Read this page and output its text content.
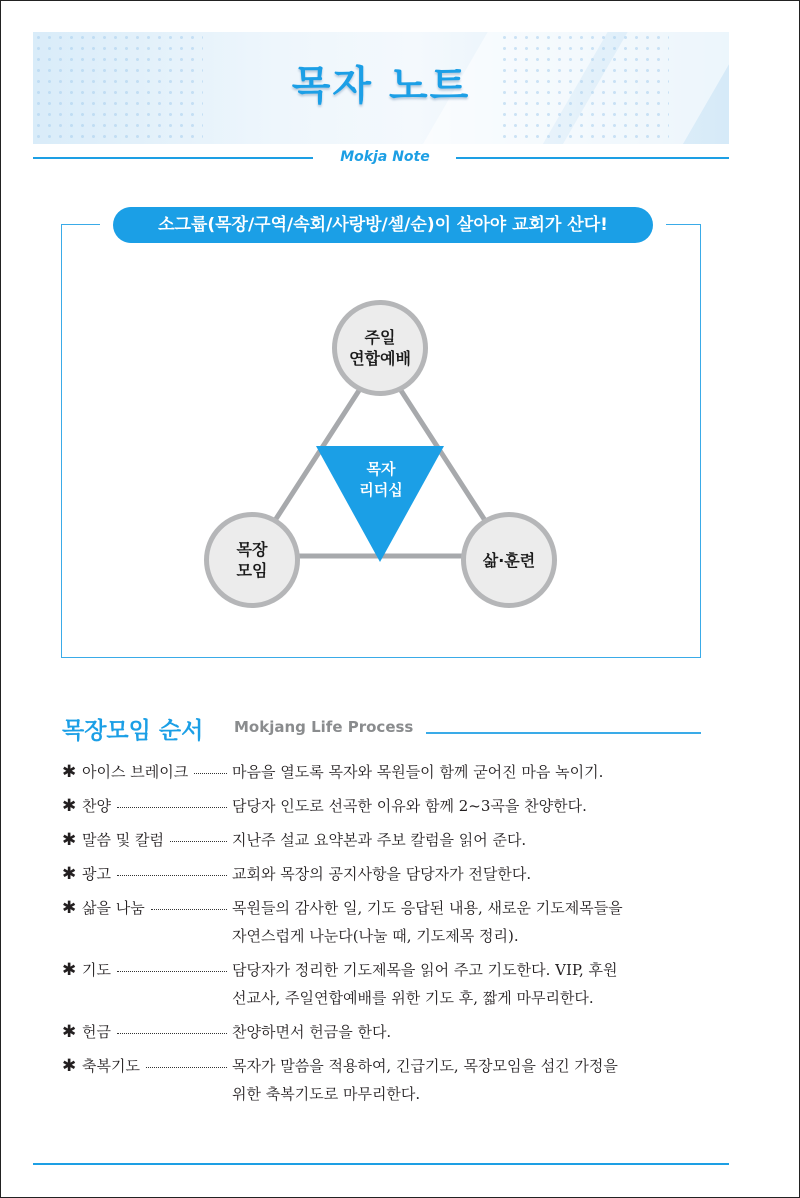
목자 노트
Mokja Note
소그룹(목장/구역/속회/사랑방/셀/순)이 살아야 교회가 산다!
주일
연합예배
목장
모임
삶·훈련
목자
리더십
목장모임 순서 Mokjang Life Process
✱ 아이스 브레이크	마음을 열도록 목자와 목원들이 함께 굳어진 마음 녹이기.
✱ 찬양	담당자 인도로 선곡한 이유와 함께 2~3곡을 찬양한다.
✱ 말씀 및 칼럼	지난주 설교 요약본과 주보 칼럼을 읽어 준다.
✱ 광고	교회와 목장의 공지사항을 담당자가 전달한다.
✱ 삶을 나눔	목원들의 감사한 일, 기도 응답된 내용, 새로운 기도제목들을
자연스럽게 나눈다(나눌 때, 기도제목 정리).
✱ 기도	담당자가 정리한 기도제목을 읽어 주고 기도한다. VIP, 후원
선교사, 주일연합예배를 위한 기도 후, 짧게 마무리한다.
✱ 헌금	찬양하면서 헌금을 한다.
✱ 축복기도	목자가 말씀을 적용하여, 긴급기도, 목장모임을 섬긴 가정을
위한 축복기도로 마무리한다.
